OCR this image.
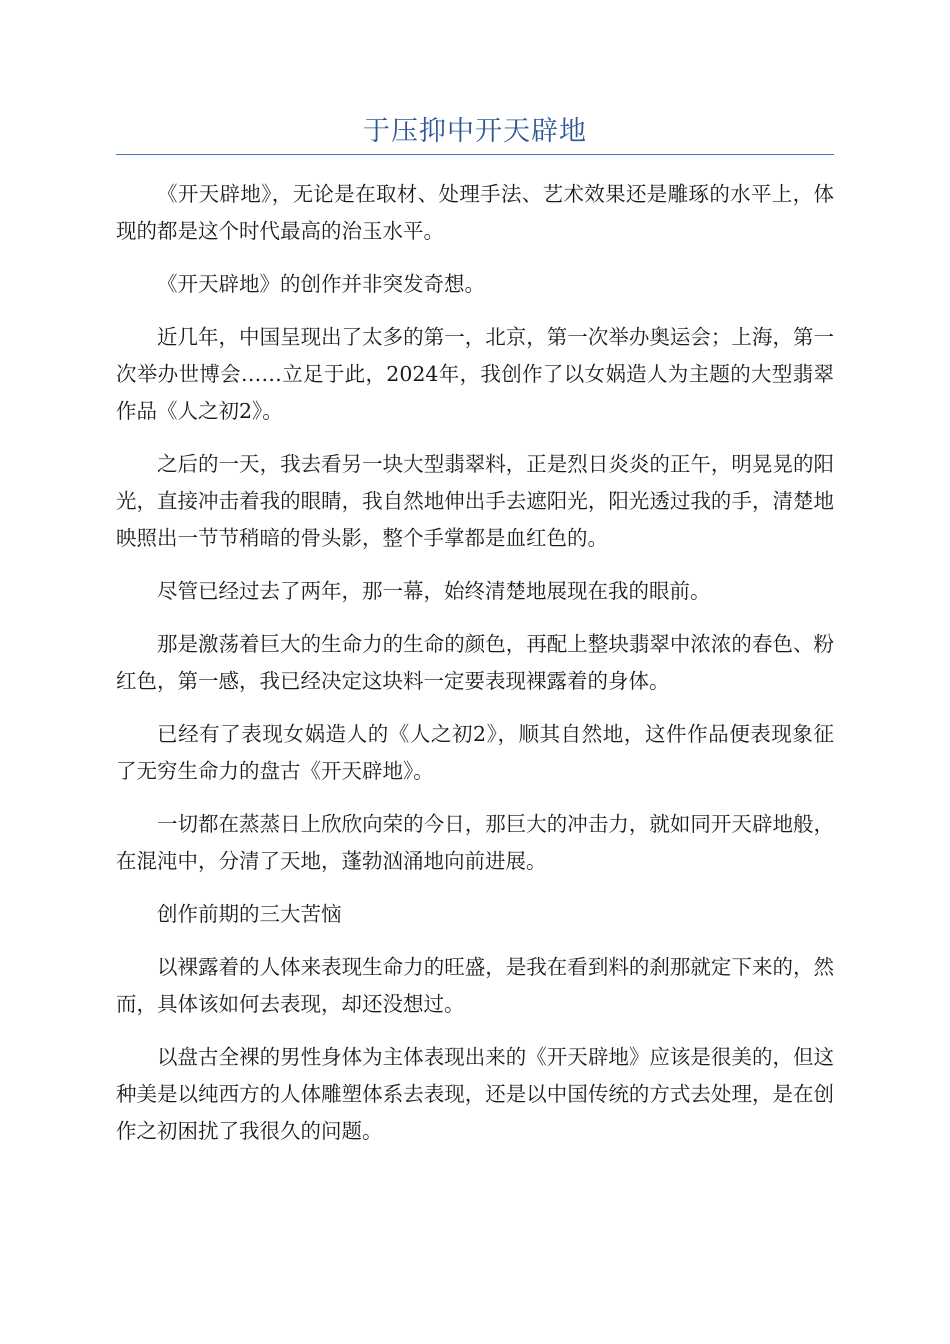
于压抑中开天辟地

《开天辟地》，无论是在取材、处理手法、艺术效果还是雕琢的水平上，体现的都是这个时代最高的治玉水平。

《开天辟地》的创作并非突发奇想。

近几年，中国呈现出了太多的第一，北京，第一次举办奥运会；上海，第一次举办世博会……立足于此，2024年，我创作了以女娲造人为主题的大型翡翠作品《人之初2》。

之后的一天，我去看另一块大型翡翠料，正是烈日炎炎的正午，明晃晃的阳光，直接冲击着我的眼睛，我自然地伸出手去遮阳光，阳光透过我的手，清楚地映照出一节节稍暗的骨头影，整个手掌都是血红色的。

尽管已经过去了两年，那一幕，始终清楚地展现在我的眼前。

那是激荡着巨大的生命力的生命的颜色，再配上整块翡翠中浓浓的春色、粉红色，第一感，我已经决定这块料一定要表现裸露着的身体。

已经有了表现女娲造人的《人之初2》，顺其自然地，这件作品便表现象征了无穷生命力的盘古《开天辟地》。

一切都在蒸蒸日上欣欣向荣的今日，那巨大的冲击力，就如同开天辟地般，在混沌中，分清了天地，蓬勃汹涌地向前进展。

创作前期的三大苦恼

以裸露着的人体来表现生命力的旺盛，是我在看到料的刹那就定下来的，然而，具体该如何去表现，却还没想过。

以盘古全裸的男性身体为主体表现出来的《开天辟地》应该是很美的，但这种美是以纯西方的人体雕塑体系去表现，还是以中国传统的方式去处理，是在创作之初困扰了我很久的问题。
